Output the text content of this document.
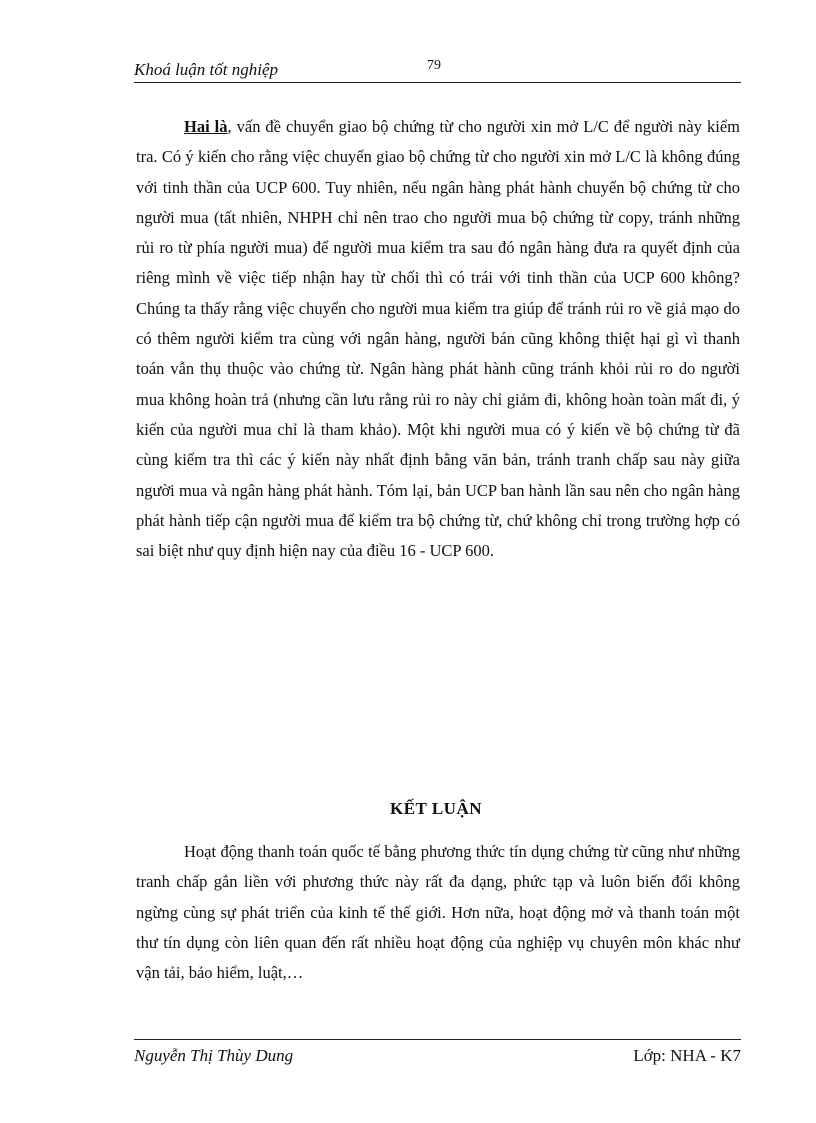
Khoá luận tốt nghiệp	79

Hai là, vấn đề chuyển giao bộ chứng từ cho người xin mở L/C để người này kiểm tra. Có ý kiến cho rằng việc chuyển giao bộ chứng từ cho người xin mở L/C là không đúng với tinh thần của UCP 600. Tuy nhiên, nếu ngân hàng phát hành chuyển bộ chứng từ cho người mua (tất nhiên, NHPH chỉ nên trao cho người mua bộ chứng từ copy, tránh những rủi ro từ phía người mua) để người mua kiểm tra sau đó ngân hàng đưa ra quyết định của riêng mình về việc tiếp nhận hay từ chối thì có trái với tinh thần của UCP 600 không? Chúng ta thấy rằng việc chuyển cho người mua kiểm tra giúp để tránh rủi ro về giả mạo do có thêm người kiểm tra cùng với ngân hàng, người bán cũng không thiệt hại gì vì thanh toán vẫn thụ thuộc vào chứng từ. Ngân hàng phát hành cũng tránh khỏi rủi ro do người mua không hoàn trả (nhưng cần lưu rằng rủi ro này chỉ giảm đi, không hoàn toàn mất đi, ý kiến của người mua chỉ là tham khảo). Một khi người mua có ý kiến về bộ chứng từ đã cùng kiểm tra thì các ý kiến này nhất định bằng văn bản, tránh tranh chấp sau này giữa người mua và ngân hàng phát hành. Tóm lại, bản UCP ban hành lần sau nên cho ngân hàng phát hành tiếp cận người mua để kiểm tra bộ chứng từ, chứ không chỉ trong trường hợp có sai biệt như quy định hiện nay của điều 16 - UCP 600.

KẾT LUẬN

Hoạt động thanh toán quốc tế bằng phương thức tín dụng chứng từ cũng như những tranh chấp gắn liền với phương thức này rất đa dạng, phức tạp và luôn biến đổi không ngừng cùng sự phát triển của kinh tế thế giới. Hơn nữa, hoạt động mở và thanh toán một thư tín dụng còn liên quan đến rất nhiều hoạt động của nghiệp vụ chuyên môn khác như vận tải, bảo hiểm, luật,…

Nguyễn Thị Thùy Dung	Lớp: NHA - K7
